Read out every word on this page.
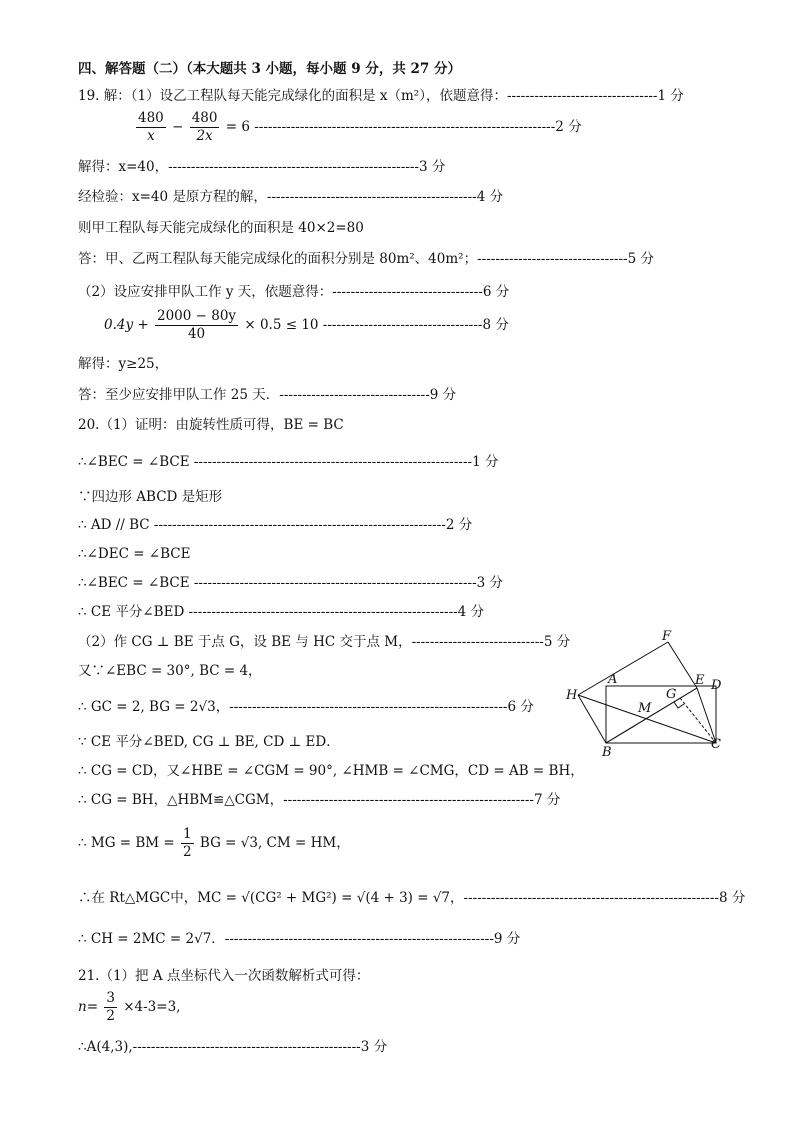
四、解答题（二）（本大题共 3 小题，每小题 9 分，共 27 分）
19. 解：（1）设乙工程队每天能完成绿化的面积是 x（m²），依题意得：---------------------------------1 分
$\frac{480}{x} - \frac{480}{2x} = 6$ ------------------------------------------------------------------2 分
解得：x=40，-------------------------------------------------------3 分
经检验：x=40 是原方程的解，----------------------------------------------4 分
则甲工程队每天能完成绿化的面积是 40×2=80
答：甲、乙两工程队每天能完成绿化的面积分别是 80m²、40m²；---------------------------------5 分
（2）设应安排甲队工作 y 天，依题意得：---------------------------------6 分
$0.4y + \frac{2000 - 80y}{40} \times 0.5 \le 10$ -----------------------------------8 分
解得：y≥25，
答：至少应安排甲队工作 25 天．---------------------------------9 分
20.（1）证明：由旋转性质可得，BE = BC
∴∠BEC = ∠BCE -------------------------------------------------------------1 分
∵四边形 ABCD 是矩形
∴ AD // BC ----------------------------------------------------------------2 分
∴∠DEC = ∠BCE
∴∠BEC = ∠BCE --------------------------------------------------------------3 分
∴ CE 平分∠BED -----------------------------------------------------------4 分
（2）作 CG ⊥ BE 于点 G，设 BE 与 HC 交于点 M，-----------------------------5 分
又∵∠EBC = 30°, BC = 4，
∴ GC = 2, BG = 2√3，-------------------------------------------------------------6 分
∵ CE 平分∠BED, CG ⊥ BE, CD ⊥ ED．
∴ CG = CD，又∠HBE = ∠CGM = 90°, ∠HMB = ∠CMG，CD = AB = BH，
∴ CG = BH，△HBM≌△CGM，-------------------------------------------------------7 分
∴ MG = BM = $\frac{1}{2}$ BG = √3, CM = HM，
∴在 Rt△MGC中，MC = √(CG² + MG²) = √(4 + 3) = √7，--------------------------------------------------------8 分
∴ CH = 2MC = 2√7．-----------------------------------------------------------9 分
21.（1）把 A 点坐标代入一次函数解析式可得：
$n= \frac{3}{2} \times 4-3=3$,
∴A(4,3),--------------------------------------------------3 分
F
A
G
E D
H
M
B
C
